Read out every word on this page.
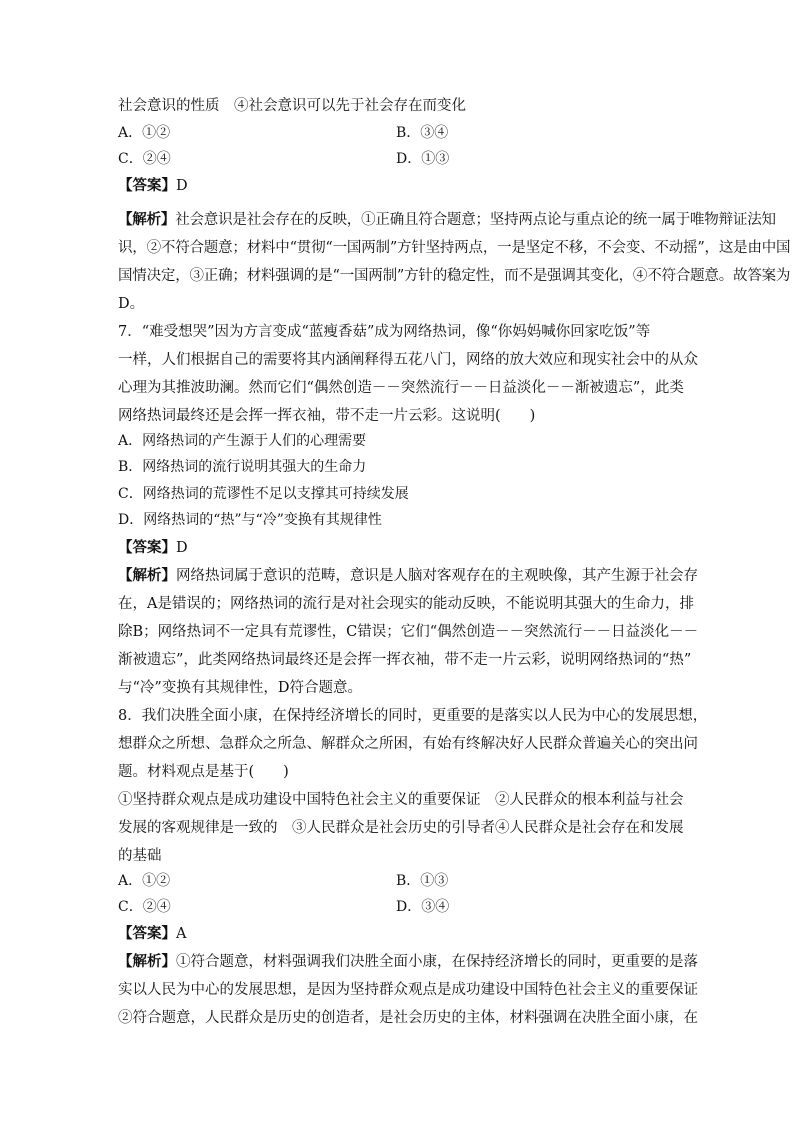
社会意识的性质　④社会意识可以先于社会存在而变化
A．①②	B．③④
C．②④	D．①③
【答案】D
【解析】社会意识是社会存在的反映，①正确且符合题意；坚持两点论与重点论的统一属于唯物辩证法知
识，②不符合题意；材料中“贯彻“一国两制”方针坚持两点，一是坚定不移，不会变、不动摇”，这是由中国
国情决定，③正确；材料强调的是“一国两制”方针的稳定性，而不是强调其变化，④不符合题意。故答案为
D。
7．“难受想哭”因为方言变成“蓝瘦香菇”成为网络热词，像“你妈妈喊你回家吃饭”等
一样，人们根据自己的需要将其内涵阐释得五花八门，网络的放大效应和现实社会中的从众
心理为其推波助澜。然而它们“偶然创造－－突然流行－－日益淡化－－渐被遗忘”，此类
网络热词最终还是会挥一挥衣袖，带不走一片云彩。这说明(　　)
A．网络热词的产生源于人们的心理需要
B．网络热词的流行说明其强大的生命力
C．网络热词的荒谬性不足以支撑其可持续发展
D．网络热词的“热”与“冷”变换有其规律性
【答案】D
【解析】网络热词属于意识的范畴，意识是人脑对客观存在的主观映像，其产生源于社会存
在，A是错误的；网络热词的流行是对社会现实的能动反映，不能说明其强大的生命力，排
除B；网络热词不一定具有荒谬性，C错误；它们“偶然创造－－突然流行－－日益淡化－－
渐被遗忘”，此类网络热词最终还是会挥一挥衣袖，带不走一片云彩，说明网络热词的“热”
与“冷”变换有其规律性，D符合题意。
8．我们决胜全面小康，在保持经济增长的同时，更重要的是落实以人民为中心的发展思想，
想群众之所想、急群众之所急、解群众之所困，有始有终解决好人民群众普遍关心的突出问
题。材料观点是基于(　　)
①坚持群众观点是成功建设中国特色社会主义的重要保证　②人民群众的根本利益与社会
发展的客观规律是一致的　③人民群众是社会历史的引导者④人民群众是社会存在和发展
的基础
A．①②	B．①③
C．②④	D．③④
【答案】A
【解析】①符合题意，材料强调我们决胜全面小康，在保持经济增长的同时，更重要的是落
实以人民为中心的发展思想，是因为坚持群众观点是成功建设中国特色社会主义的重要保证
②符合题意，人民群众是历史的创造者，是社会历史的主体，材料强调在决胜全面小康，在
